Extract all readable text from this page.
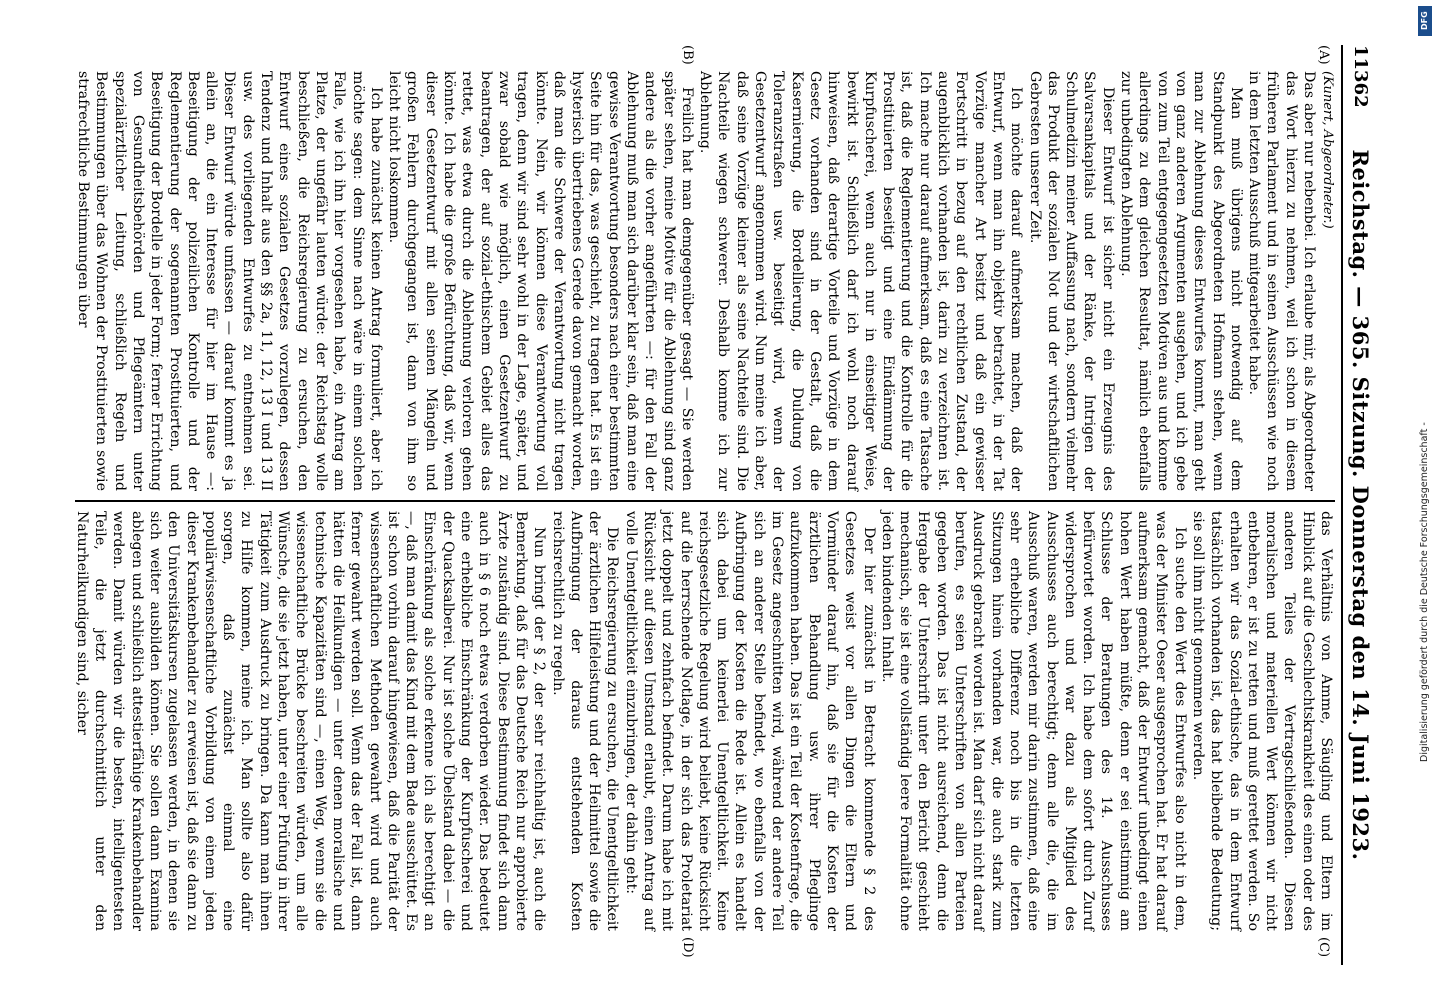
11362
Reichstag. — 365. Sitzung. Donnerstag den 14. Juni 1923.
(A)
(B)
(C)
(D)
(Kunert, Abgeordneter.)

Das aber nur nebenbei. Ich erlaube mir, als Abgeordneter das Wort hierzu zu nehmen, weil ich schon in diesem früheren Parlament und in seinen Ausschüssen wie noch in dem letzten Ausschuß mitgearbeitet habe.

Man muß übrigens nicht notwendig auf dem Standpunkt des Abgeordneten Hofmann stehen, wenn man zur Ablehnung dieses Entwurfes kommt, man geht von ganz anderen Argumenten ausgehen, und ich gebe von zum Teil entgegengesetzten Motiven aus und komme allerdings zu dem gleichen Resultat, nämlich ebenfalls zur unbedingten Ablehnung.

Dieser Entwurf ist sicher nicht ein Erzeugnis des Salvarsankapitals und der Ränke, der Intrigen der Schulmedizin meiner Auffassung nach, sondern vielmehr das Produkt der sozialen Not und der wirtschaftlichen Gebresten unserer Zeit.

Ich möchte darauf aufmerksam machen, daß der Entwurf, wenn man ihn objektiv betrachtet, in der Tat Vorzüge mancher Art besitzt und daß ein gewisser Fortschritt in bezug auf den rechtlichen Zustand, der augenblicklich vorhanden ist, darin zu verzeichnen ist. Ich mache nur darauf aufmerksam, daß es eine Tatsache ist, daß die Reglementierung und die Kontrolle für die Prostituierten beseitigt und eine Eindämmung der Kurpfuscherei, wenn auch nur in einseitiger Weise, bewirkt ist. Schließlich darf ich wohl noch darauf hinweisen, daß derartige Vorteile und Vorzüge in dem Gesetz vorhanden sind in der Gestalt, daß die Kasernierung, die Bordellierung, die Duldung von Toleranzstraßen usw. beseitigt wird, wenn der Gesetzentwurf angenommen wird. Nun meine ich aber, daß seine Vorzüge kleiner als seine Nachteile sind. Die Nachteile wiegen schwerer. Deshalb komme ich zur Ablehnung.

Freilich hat man demgegenüber gesagt — Sie werden später sehen, meine Motive für die Ablehnung sind ganz andere als die vorher angeführten —: für den Fall der Ablehnung muß man sich darüber klar sein, daß man eine gewisse Verantwortung besonders nach einer bestimmten Seite hin für das, was geschieht, zu tragen hat. Es ist ein hysterisch übertriebenes Gerede davon gemacht worden, daß man die Schwere der Verantwortung nicht tragen könnte. Nein, wir können diese Verantwortung voll tragen, denn wir sind sehr wohl in der Lage, später, und zwar sobald wie möglich, einen Gesetzentwurf zu beantragen, der auf sozial-ethischem Gebiet alles das rettet, was etwa durch die Ablehnung verloren gehen könnte. Ich habe die große Befürchtung, daß wir, wenn dieser Gesetzentwurf mit allen seinen Mängeln und großen Fehlern durchgegangen ist, dann von ihm so leicht nicht loskommen.

Ich habe zunächst keinen Antrag formuliert, aber ich möchte sagen: dem Sinne nach wäre in einem solchen Falle, wie ich ihn hier vorgesehen habe, ein Antrag am Platze, der ungefähr lauten würde: der Reichstag wolle beschließen, die Reichsregierung zu ersuchen, den Entwurf eines sozialen Gesetzes vorzulegen, dessen Tendenz und Inhalt aus den §§ 2a, 11, 12, 13 I und 13 II usw. des vorliegenden Entwurfes zu entnehmen sei. Dieser Entwurf würde umfassen — darauf kommt es ja allein an, die ein Interesse für hier im Hause —: Beseitigung der polizeilichen Kontrolle und der Reglementierung der sogenannten Prostituierten, und Beseitigung der Bordelle in jeder Form; ferner Errichtung von Gesundheitsbehörden und Pflegeämtern unter spezialärztlicher Leitung, schließlich Regeln und Bestimmungen über das Wohnen der Prostituierten sowie strafrechtliche Bestimmungen über

das Verhältnis von Amme, Säugling und Eltern im Hinblick auf die Geschlechtskrankheit des einen oder des anderen Teiles der Vertragschließenden. Diesen moralischen und materiellen Wert können wir nicht entbehren, er ist zu retten und muß gerettet werden. So erhalten wir das Sozial-ethische, das in dem Entwurf tatsächlich vorhanden ist, das hat bleibende Bedeutung; sie soll ihm nicht genommen werden.

Ich suche den Wert des Entwurfes also nicht in dem, was der Minister Oeser ausgesprochen hat. Er hat darauf aufmerksam gemacht, daß der Entwurf unbedingt einen hohen Wert haben müßte, denn er sei einstimmig am Schlusse der Beratungen des 14. Ausschusses befürwortet worden. Ich habe dem sofort durch Zuruf widersprochen und war dazu als Mitglied des Ausschusses auch berechtigt; denn alle die, die im Ausschuß waren, werden mir darin zustimmen, daß eine sehr erhebliche Differenz noch bis in die letzten Sitzungen hinein vorhanden war, die auch stark zum Ausdruck gebracht worden ist. Man darf sich nicht darauf berufen, es seien Unterschriften von allen Parteien gegeben worden. Das ist nicht ausreichend, denn die Hergabe der Unterschrift unter den Bericht geschieht mechanisch, sie ist eine vollständig leere Formalität ohne jeden bindenden Inhalt.

Der hier zunächst in Betracht kommende § 2 des Gesetzes weist vor allen Dingen die Eltern und Vormünder darauf hin, daß sie für die Kosten der ärztlichen Behandlung usw. ihrer Pfleglinge aufzukommen haben. Das ist ein Teil der Kostenfrage, die im Gesetz angeschnitten wird, während der andere Teil sich an anderer Stelle befindet, wo ebenfalls von der Aufbringung der Kosten die Rede ist. Allein es handelt sich dabei um keinerlei Unentgeltlichkeit. Keine reichsgesetzliche Regelung wird beliebt, keine Rücksicht auf die herrschende Notlage, in der sich das Proletariat jetzt doppelt und zehnfach befindet. Darum habe ich mit Rücksicht auf diesen Umstand erlaubt, einen Antrag auf volle Unentgeltlichkeit einzubringen, der dahin geht:

Die Reichsregierung zu ersuchen, die Unentgeltlichkeit der ärztlichen Hilfeleistung und der Heilmittel sowie die Aufbringung der daraus entstehenden Kosten reichsrechtlich zu regeln.

Nun bringt der § 2, der sehr reichhaltig ist, auch die Bemerkung, daß für das Deutsche Reich nur approbierte Ärzte zuständig sind. Diese Bestimmung findet sich dann auch in § 6 noch etwas verdorben wieder. Das bedeutet eine erhebliche Einschränkung der Kurpfuscherei und der Quacksalberei. Nur ist solche Übelstand dabei — die Einschränkung als solche erkenne ich als berechtigt an —, daß man damit das Kind mit dem Bade ausschüttet. Es ist schon vorhin darauf hingewiesen, daß die Parität der wissenschaftlichen Methoden gewahrt wird und auch ferner gewahrt werden soll. Wenn das der Fall ist, dann hätten die Heilkundigen — unter denen moralische und technische Kapazitäten sind —, einen Weg, wenn sie die wissenschaftliche Brücke beschreiten würden, um alle Wünsche, die sie jetzt haben, unter einer Prüfung in ihrer Tätigkeit zum Ausdruck zu bringen. Da kann man ihnen zu Hilfe kommen, meine ich. Man sollte also dafür sorgen, daß zunächst einmal eine populärwissenschaftliche Vorbildung von einem jeden dieser Krankenbehandler zu erweisen ist, daß sie dann zu den Universitätskursen zugelassen werden, in denen sie sich weiter ausbilden können. Sie sollen dann Examina ablegen und schließlich attestierfähige Krankenbehandler werden. Damit würden wir die besten, intelligentesten Teile, die jetzt durchschnittlich unter den Naturheilkundigen sind, sicher

DFG
Digitalisierung gefördert durch die Deutsche Forschungsgemeinschaft -
